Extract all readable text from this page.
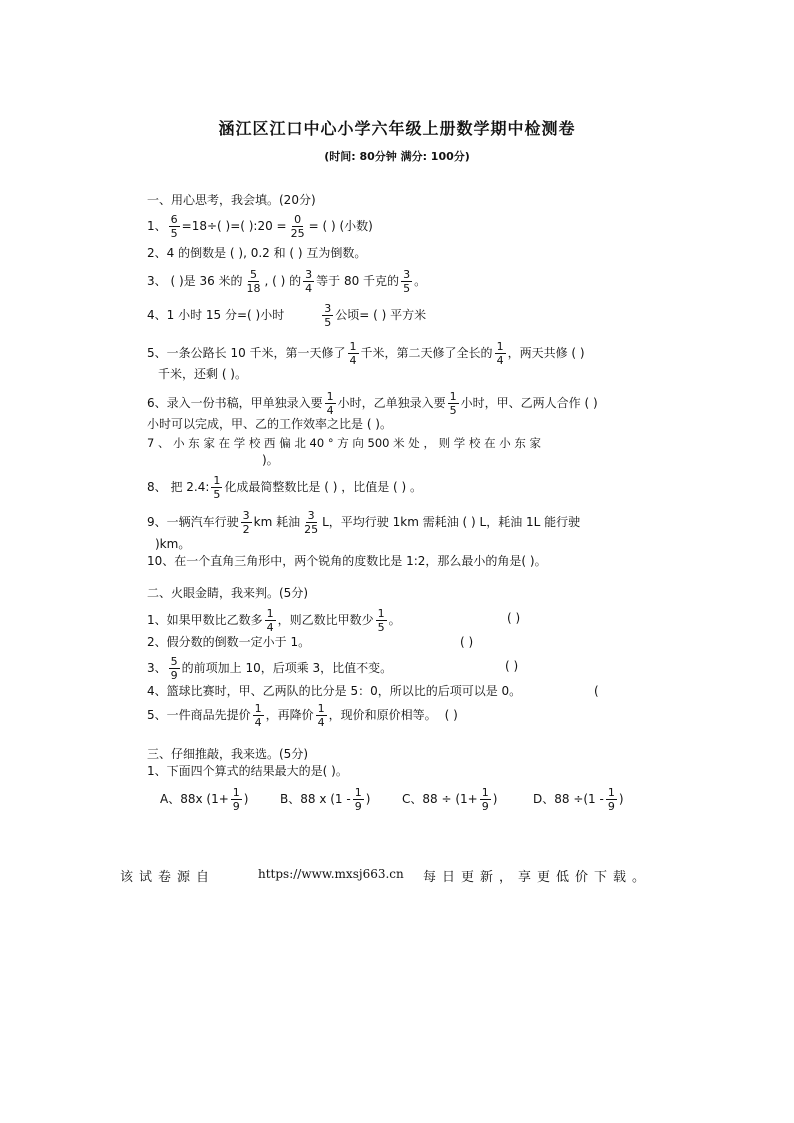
涵江区江口中心小学六年级上册数学期中检测卷
(时间: 80分钟 满分: 100分)
一、用心思考，我会填。(20分)
1、 $\frac{6}{5} =18\div$( )=( ):20 = $\frac{0}{25}$ = ( ) (小数)
2、4 的倒数是 ( ), 0.2 和 ( ) 互为倒数。
3、 ( )是 36 米的 $\frac{5}{18}$ , ( ) 的 $\frac{3}{4}$ 等于 80 千克的 $\frac{3}{5}$ 。
4、1 小时 15 分=( )小时	$\frac{3}{5}$ 公顷= ( ) 平方米
5、一条公路长 10 千米，第一天修了 $\frac{1}{4}$ 千米，第二天修了全长的 $\frac{1}{4}$ ，两天共修 ( )
千米，还剩 ( )。
6、录入一份书稿，甲单独录入要 $\frac{1}{4}$ 小时，乙单独录入要 $\frac{1}{5}$ 小时，甲、乙两人合作 ( )
小时可以完成，甲、乙的工作效率之比是 ( )。
7 、 小 东 家 在 学 校 西 偏 北 40 ° 方 向 500 米 处 ， 则 学 校 在 小 东 家
)。
8、 把 2.4: $\frac{1}{5}$ 化成最简整数比是 ( ) ，比值是 ( ) 。
9、一辆汽车行驶 $\frac{3}{2}$ km 耗油 $\frac{3}{25}$ L，平均行驶 1km 需耗油 ( ) L，耗油 1L 能行驶
)km。
10、在一个直角三角形中，两个锐角的度数比是 1:2，那么最小的角是( )。
二、火眼金睛，我来判。(5分)
1、如果甲数比乙数多 $\frac{1}{4}$ ，则乙数比甲数少 $\frac{1}{5}$ 。	( )
2、假分数的倒数一定小于 1。	( )
3、 $\frac{5}{9}$ 的前项加上 10，后项乘 3，比值不变。	( )
4、篮球比赛时，甲、乙两队的比分是 5：0，所以比的后项可以是 0。	(
5、一件商品先提价 $\frac{1}{4}$ ，再降价 $\frac{1}{4}$ ，现价和原价相等。 ( )
三、仔细推敲，我来选。(5分)
1、下面四个算式的结果最大的是( )。
A、88x ($1+ \frac{1}{9}$ )	B、88 x ($1 - \frac{1}{9}$ )	C、$88 \div (1+ \frac{1}{9}$ )	D、$88 \div(1 - \frac{1}{9}$ )
该试卷源自	https://www.mxsj663.cn 每日更新，享更低价下载。
